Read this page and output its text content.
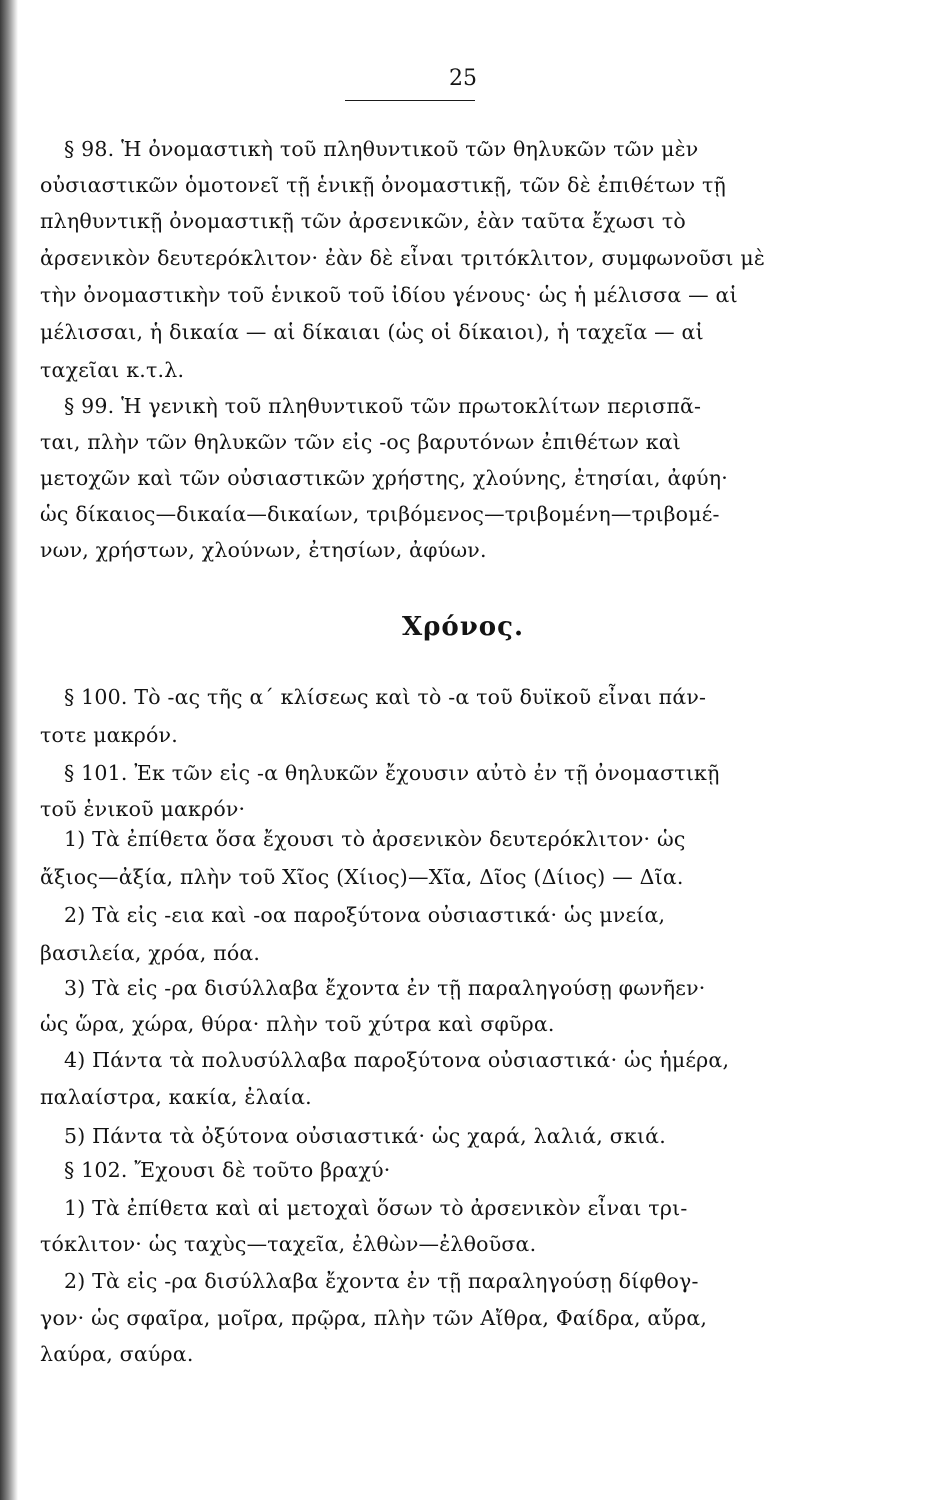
25
§ 98. Ἡ ὀνομαστικὴ τοῦ πληθυντικοῦ τῶν θηλυκῶν τῶν μὲν
οὐσιαστικῶν ὁμοτονεῖ τῇ ἑνικῇ ὀνομαστικῇ, τῶν δὲ ἐπιθέτων τῇ
πληθυντικῇ ὀνομαστικῇ τῶν ἀρσενικῶν, ἐὰν ταῦτα ἔχωσι τὸ
ἀρσενικὸν δευτερόκλιτον· ἐὰν δὲ εἶναι τριτόκλιτον, συμφωνοῦσι μὲ
τὴν ὀνομαστικὴν τοῦ ἑνικοῦ τοῦ ἰδίου γένους· ὡς ἡ μέλισσα — αἱ
μέλισσαι, ἡ δικαία — αἱ δίκαιαι (ὡς οἱ δίκαιοι), ἡ ταχεῖα — αἱ
ταχεῖαι κ.τ.λ.
§ 99. Ἡ γενικὴ τοῦ πληθυντικοῦ τῶν πρωτοκλίτων περισπᾶ-
ται, πλὴν τῶν θηλυκῶν τῶν εἰς -ος βαρυτόνων ἐπιθέτων καὶ
μετοχῶν καὶ τῶν οὐσιαστικῶν χρήστης, χλούνης, ἐτησίαι, ἀφύη·
ὡς δίκαιος—δικαία—δικαίων, τριβόμενος—τριβομένη—τριβομέ-
νων, χρήστων, χλούνων, ἐτησίων, ἀφύων.
Χρόνος.
§ 100. Τὸ -ας τῆς α΄ κλίσεως καὶ τὸ -α τοῦ δυϊκοῦ εἶναι πάν-
τοτε μακρόν.
§ 101. Ἐκ τῶν εἰς -α θηλυκῶν ἔχουσιν αὐτὸ ἐν τῇ ὀνομαστικῇ
τοῦ ἑνικοῦ μακρόν·
1) Τὰ ἐπίθετα ὅσα ἔχουσι τὸ ἀρσενικὸν δευτερόκλιτον· ὡς
ἄξιος—ἀξία, πλὴν τοῦ Χῖος (Χίιος)—Χῖα, Δῖος (Δίιος) — Δῖα.
2) Τὰ εἰς -εια καὶ -οα παροξύτονα οὐσιαστικά· ὡς μνεία,
βασιλεία, χρόα, πόα.
3) Τὰ εἰς -ρα δισύλλαβα ἔχοντα ἐν τῇ παραληγούσῃ φωνῆεν·
ὡς ὥρα, χώρα, θύρα· πλὴν τοῦ χύτρα καὶ σφῦρα.
4) Πάντα τὰ πολυσύλλαβα παροξύτονα οὐσιαστικά· ὡς ἡμέρα,
παλαίστρα, κακία, ἐλαία.
5) Πάντα τὰ ὀξύτονα οὐσιαστικά· ὡς χαρά, λαλιά, σκιά.
§ 102. Ἔχουσι δὲ τοῦτο βραχύ·
1) Τὰ ἐπίθετα καὶ αἱ μετοχαὶ ὅσων τὸ ἀρσενικὸν εἶναι τρι-
τόκλιτον· ὡς ταχὺς—ταχεῖα, ἐλθὼν—ἐλθοῦσα.
2) Τὰ εἰς -ρα δισύλλαβα ἔχοντα ἐν τῇ παραληγούσῃ δίφθογ-
γον· ὡς σφαῖρα, μοῖρα, πρῷρα, πλὴν τῶν Αἴθρα, Φαίδρα, αὔρα,
λαύρα, σαύρα.
